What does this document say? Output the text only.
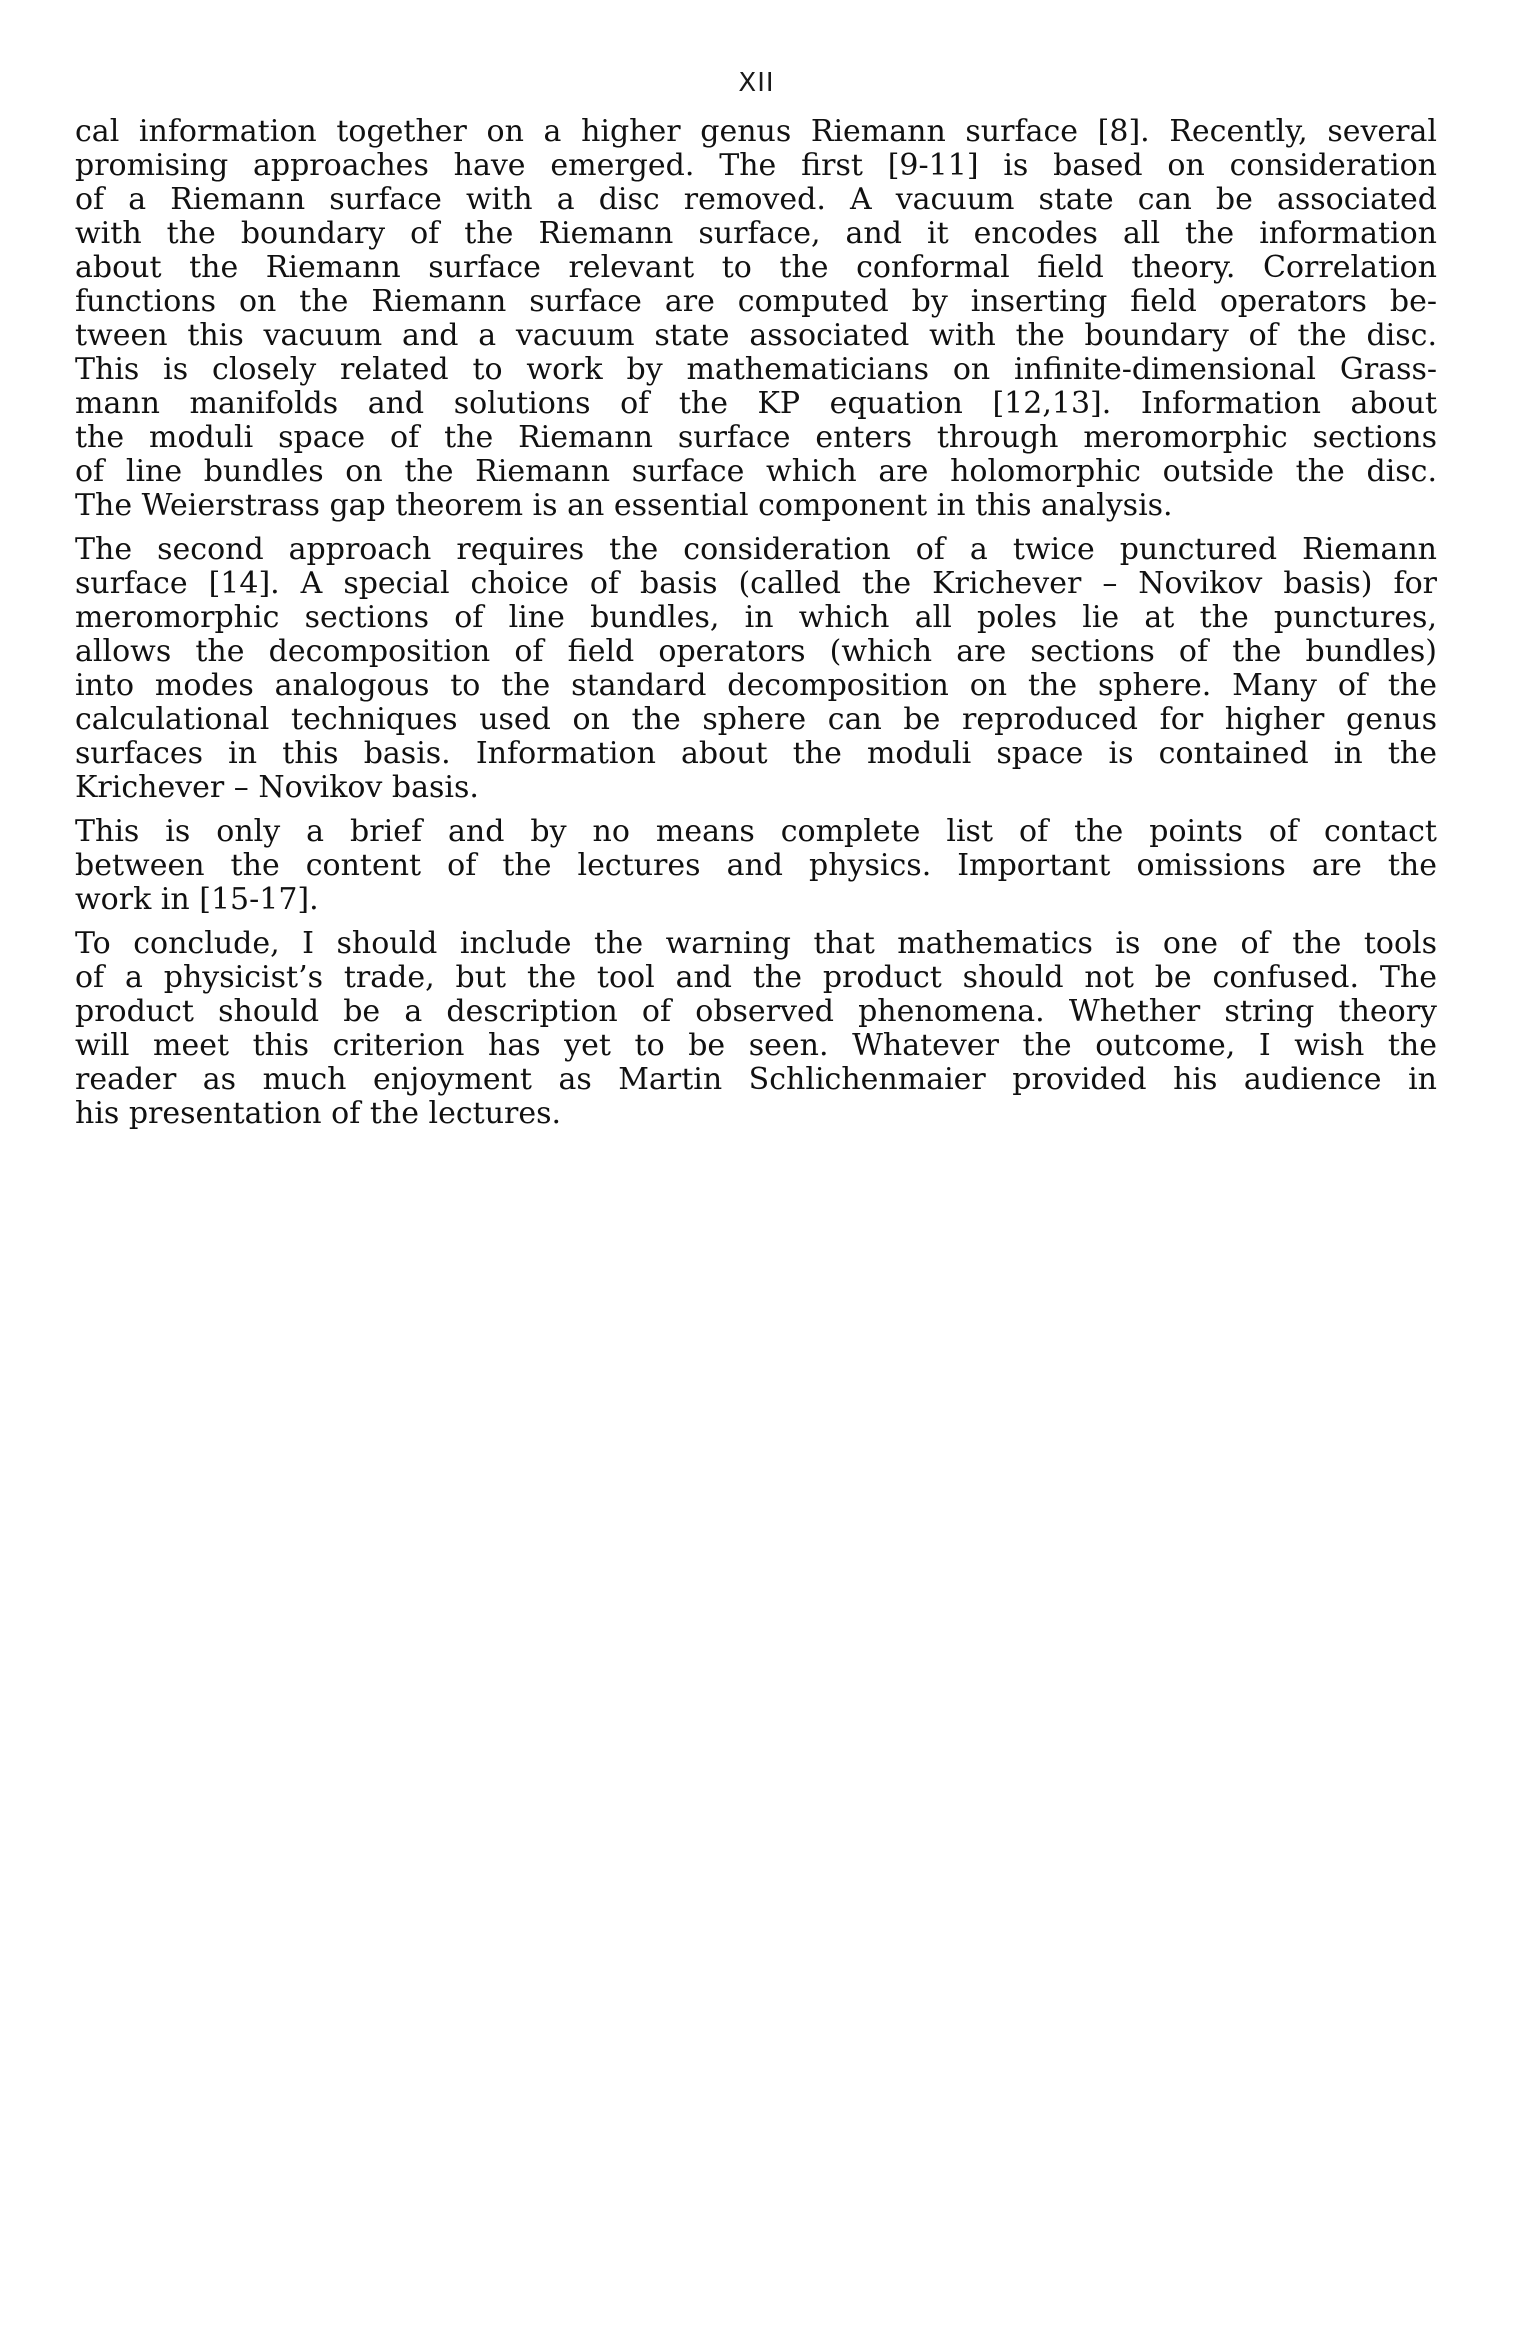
XII
cal information together on a higher genus Riemann surface [8]. Recently, several
promising approaches have emerged. The first [9-11] is based on consideration
of a Riemann surface with a disc removed. A vacuum state can be associated
with the boundary of the Riemann surface, and it encodes all the information
about the Riemann surface relevant to the conformal field theory. Correlation
functions on the Riemann surface are computed by inserting field operators be-
tween this vacuum and a vacuum state associated with the boundary of the disc.
This is closely related to work by mathematicians on infinite-dimensional Grass-
mann manifolds and solutions of the KP equation [12,13]. Information about
the moduli space of the Riemann surface enters through meromorphic sections
of line bundles on the Riemann surface which are holomorphic outside the disc.
The Weierstrass gap theorem is an essential component in this analysis.
The second approach requires the consideration of a twice punctured Riemann
surface [14]. A special choice of basis (called the Krichever – Novikov basis) for
meromorphic sections of line bundles, in which all poles lie at the punctures,
allows the decomposition of field operators (which are sections of the bundles)
into modes analogous to the standard decomposition on the sphere. Many of the
calculational techniques used on the sphere can be reproduced for higher genus
surfaces in this basis. Information about the moduli space is contained in the
Krichever – Novikov basis.
This is only a brief and by no means complete list of the points of contact
between the content of the lectures and physics. Important omissions are the
work in [15-17].
To conclude, I should include the warning that mathematics is one of the tools
of a physicist’s trade, but the tool and the product should not be confused. The
product should be a description of observed phenomena. Whether string theory
will meet this criterion has yet to be seen. Whatever the outcome, I wish the
reader as much enjoyment as Martin Schlichenmaier provided his audience in
his presentation of the lectures.
